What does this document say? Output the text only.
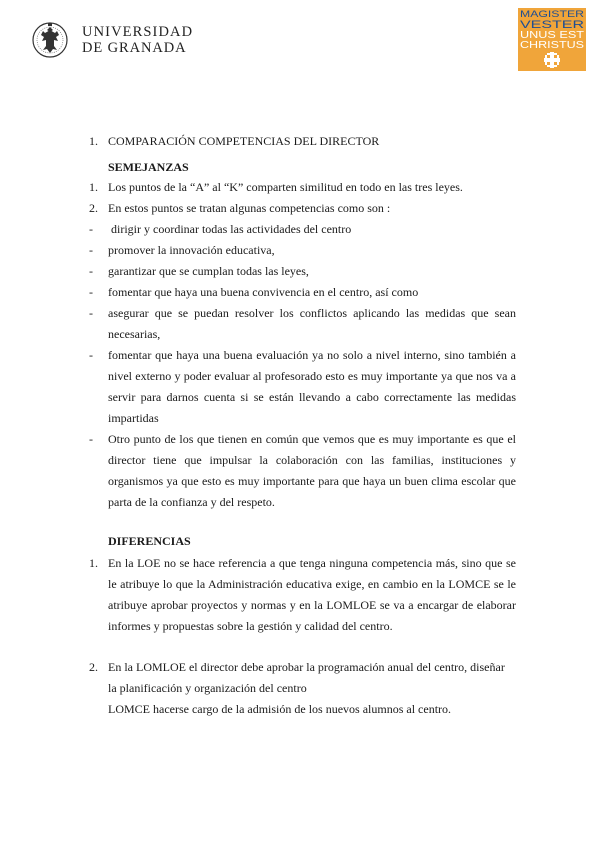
UNIVERSIDAD
DE GRANADA
MAGISTER
VESTER
UNUS EST
CHRISTUS
1. COMPARACIÓN COMPETENCIAS DEL DIRECTOR
SEMEJANZAS
1. Los puntos de la “A” al “K” comparten similitud en todo en las tres leyes.
2. En estos puntos se tratan algunas competencias como son :
- dirigir y coordinar todas las actividades del centro
- promover la innovación educativa,
- garantizar que se cumplan todas las leyes,
- fomentar que haya una buena convivencia en el centro, así como
- asegurar que se puedan resolver los conflictos aplicando las medidas que sean necesarias,
- fomentar que haya una buena evaluación ya no solo a nivel interno, sino también a nivel externo y poder evaluar al profesorado esto es muy importante ya que nos va a servir para darnos cuenta si se están llevando a cabo correctamente las medidas impartidas
- Otro punto de los que tienen en común que vemos que es muy importante es que el director tiene que impulsar la colaboración con las familias, instituciones y organismos ya que esto es muy importante para que haya un buen clima escolar que parta de la confianza y del respeto.
DIFERENCIAS
1. En la LOE no se hace referencia a que tenga ninguna competencia más, sino que se le atribuye lo que la Administración educativa exige, en cambio en la LOMCE se le atribuye aprobar proyectos y normas y en la LOMLOE se va a encargar de elaborar informes y propuestas sobre la gestión y calidad del centro.
2. En la LOMLOE el director debe aprobar la programación anual del centro, diseñar la planificación y organización del centro
LOMCE hacerse cargo de la admisión de los nuevos alumnos al centro.
